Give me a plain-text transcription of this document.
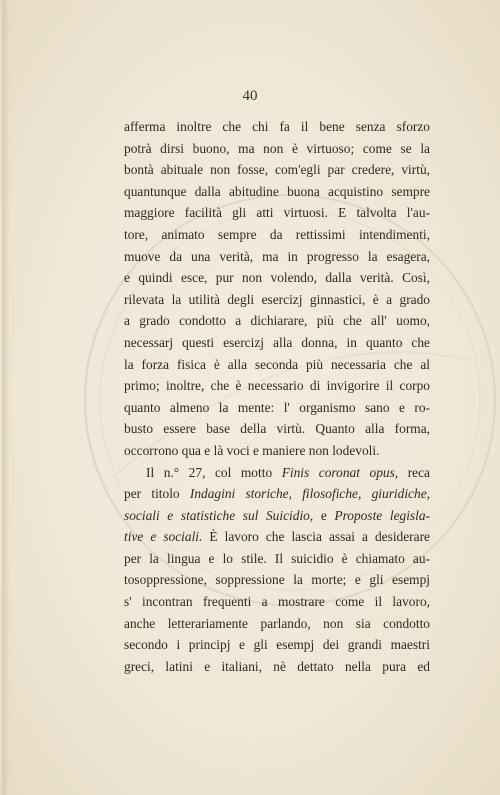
40
afferma inoltre che chi fa il bene senza sforzo
potrà dirsi buono, ma non è virtuoso; come se la
bontà abituale non fosse, com'egli par credere, virtù,
quantunque dalla abitudine buona acquistino sempre
maggiore facilità gli atti virtuosi. E talvolta l'au-
tore, animato sempre da rettissimi intendimenti,
muove da una verità, ma in progresso la esagera,
e quindi esce, pur non volendo, dalla verità. Così,
rilevata la utilità degli esercizj ginnastici, è a grado
a grado condotto a dichiarare, più che all' uomo,
necessarj questi esercizj alla donna, in quanto che
la forza fisica è alla seconda più necessaria che al
primo; inoltre, che è necessario di invigorire il corpo
quanto almeno la mente: l' organismo sano e ro-
busto essere base della virtù. Quanto alla forma,
occorrono qua e là voci e maniere non lodevoli.
Il n.° 27, col motto Finis coronat opus, reca
per titolo Indagini storiche, filosofiche, giuridiche,
sociali e statistiche sul Suicidio, e Proposte legisla-
tive e sociali. È lavoro che lascia assai a desiderare
per la lingua e lo stile. Il suicidio è chiamato au-
tosoppressione, soppressione la morte; e gli esempj
s' incontran frequenti a mostrare come il lavoro,
anche letterariamente parlando, non sia condotto
secondo i principj e gli esempj dei grandi maestri
greci, latini e italiani, nè dettato nella pura ed
